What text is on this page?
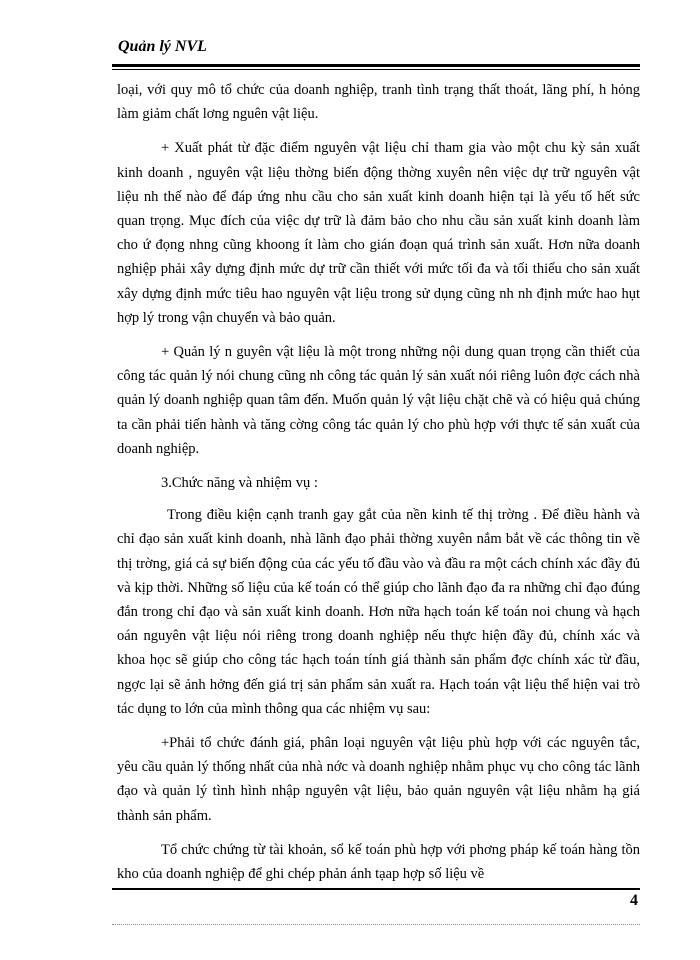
Quản lý NVL

loại, với quy mô tổ chức của doanh nghiệp, tranh tình trạng thất thoát, lãng phí, h hỏng làm giảm chất lơng nguên vật liệu.

+ Xuất phát từ đặc điểm nguyên vật liệu chỉ tham gia vào một chu kỳ sản xuất kinh doanh , nguyên vật liệu thờng biến động thờng xuyên nên việc dự trữ nguyên vật liệu nh thế nào để đáp ứng nhu cầu cho sản xuất kinh doanh hiện tại là yếu tố hết sức quan trọng. Mục đích của việc dự trữ là đảm bảo cho nhu cầu sản xuất kinh doanh làm cho ứ đọng nhng cũng khoong ít làm cho gián đoạn quá trình sản xuất. Hơn nữa doanh nghiệp phải xây dựng định mức dự trữ cần thiết với mức tối đa và tối thiểu cho sản xuất xây dựng định mức tiêu hao nguyên vật liệu trong sử dụng cũng nh nh định mức hao hụt hợp lý trong vận chuyển và bảo quản.

+ Quản lý n guyên vật liệu là một trong những nội dung quan trọng cần thiết của công tác quản lý nói chung cũng nh công tác quản lý sản xuất nói riêng luôn đợc cách nhà quản lý doanh nghiệp quan tâm đến. Muốn quản lý vật liệu chặt chẽ và có hiệu quả chúng ta cần phải tiến hành và tăng cờng công tác quản lý cho phù hợp với thực tế sản xuất của doanh nghiệp.

3.Chức năng và nhiệm vụ :

Trong điều kiện cạnh tranh gay gắt của nền kinh tế thị trờng . Để điều hành và chỉ đạo sản xuất kinh doanh, nhà lãnh đạo phải thờng xuyên nắm bắt về các thông tin về thị trờng, giá cả sự biến động của các yếu tố đầu vào và đầu ra một cách chính xác đầy đủ và kịp thời. Những số liệu của kế toán có thể giúp cho lãnh đạo đa ra những chỉ đạo đúng đắn trong chỉ đạo và sản xuất kinh doanh. Hơn nữa hạch toán kế toán noi chung và hạch oán nguyên vật liệu nói riêng trong doanh nghiệp nếu thực hiện đầy đủ, chính xác và khoa học sẽ giúp cho công tác hạch toán tính giá thành sản phẩm đợc chính xác từ đầu, ngợc lại sẽ ảnh hởng đến giá trị sản phẩm sản xuất ra. Hạch toán vật liệu thể hiện vai trò tác dụng to lớn của mình thông qua các nhiệm vụ sau:

+Phải tổ chức đánh giá, phân loại nguyên vật liệu phù hợp với các nguyên tắc, yêu cầu quản lý thống nhất của nhà nớc và doanh nghiệp nhằm phục vụ cho công tác lãnh đạo và quản lý tình hình nhập nguyên vật liệu, bảo quản nguyên vật liệu nhằm hạ giá thành sản phẩm.

Tổ chức chứng từ tài khoản, sổ kế toán phù hợp với phơng pháp kế toán hàng tồn kho của doanh nghiệp để ghi chép phản ánh tạap hợp số liệu về

4
